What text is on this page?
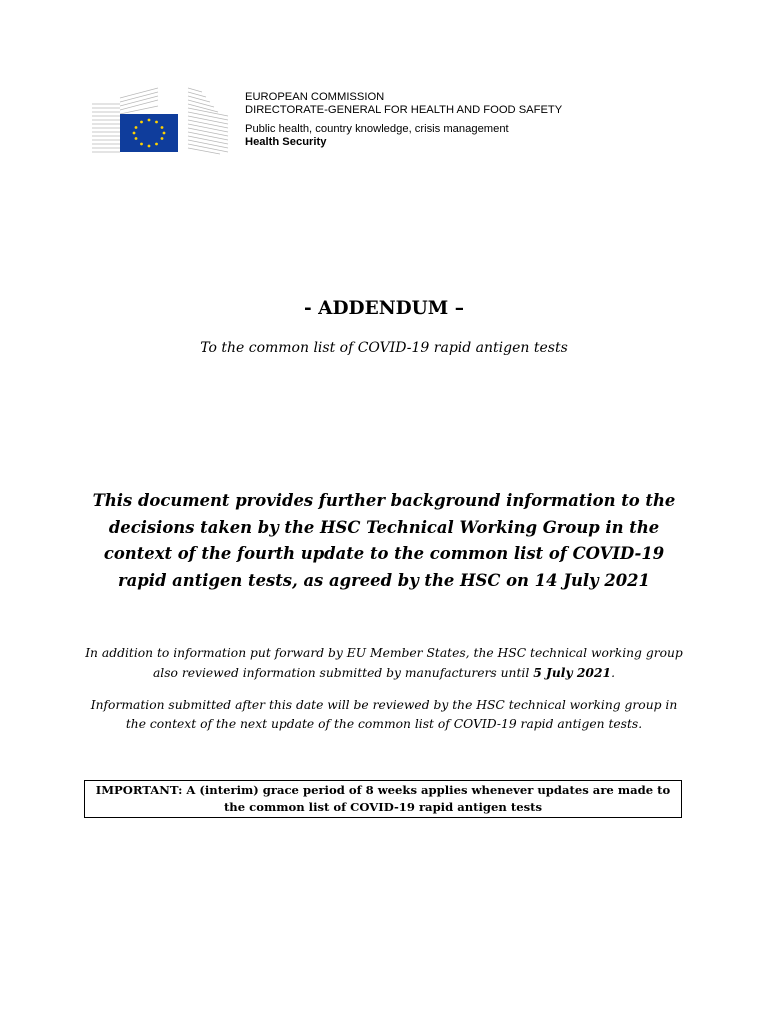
EUROPEAN COMMISSION
DIRECTORATE-GENERAL FOR HEALTH AND FOOD SAFETY
Public health, country knowledge, crisis management
Health Security
- ADDENDUM –
To the common list of COVID-19 rapid antigen tests
This document provides further background information to the decisions taken by the HSC Technical Working Group in the context of the fourth update to the common list of COVID-19 rapid antigen tests, as agreed by the HSC on 14 July 2021
In addition to information put forward by EU Member States, the HSC technical working group also reviewed information submitted by manufacturers until 5 July 2021.
Information submitted after this date will be reviewed by the HSC technical working group in the context of the next update of the common list of COVID-19 rapid antigen tests.
IMPORTANT: A (interim) grace period of 8 weeks applies whenever updates are made to the common list of COVID-19 rapid antigen tests
